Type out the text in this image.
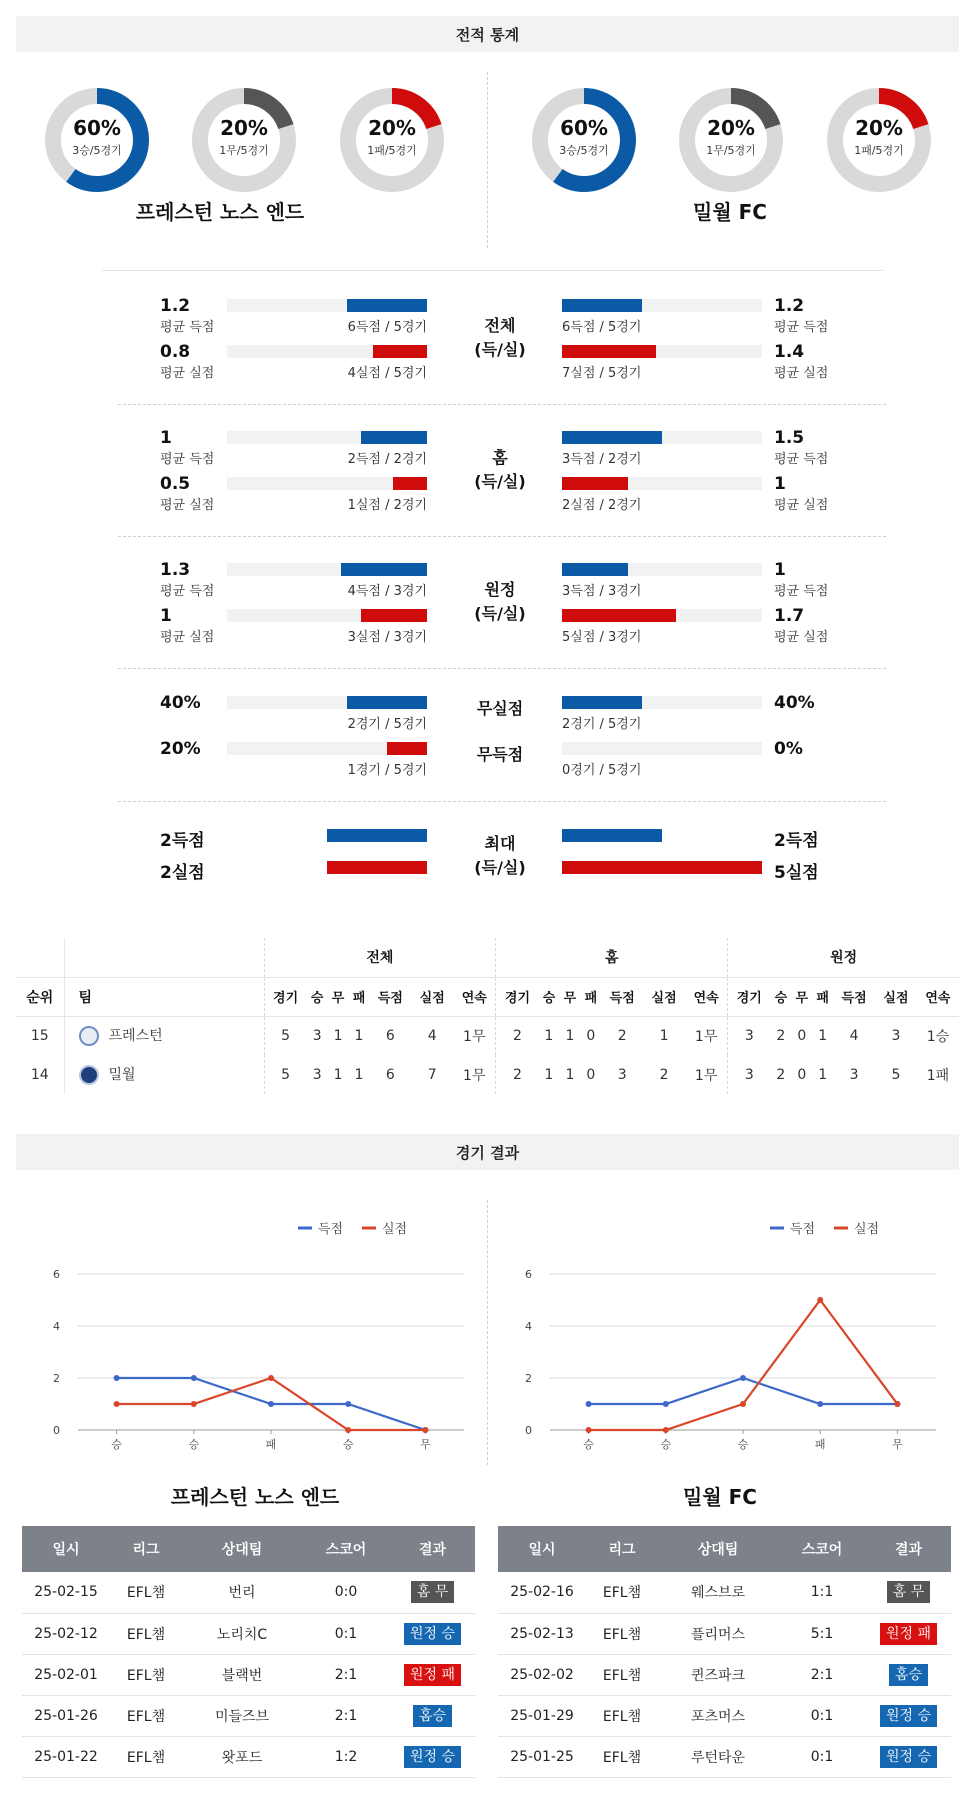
전적 통계
60%
3승/5경기
20%
1무/5경기
20%
1패/5경기
60%
3승/5경기
20%
1무/5경기
20%
1패/5경기
프레스턴 노스 엔드	밀월 FC
1.2
평균 득점	6득점 / 5경기
0.8
평균 실점	4실점 / 5경기
1.2
평균 득점
6득점 / 5경기
1.4
평균 실점
7실점 / 5경기
전체
(득/실)
1
평균 득점	2득점 / 2경기
0.5
평균 실점	1실점 / 2경기
1.5
평균 득점
3득점 / 2경기
1
평균 실점
2실점 / 2경기
홈
(득/실)
1.3
평균 득점	4득점 / 3경기
1
평균 실점	3실점 / 3경기
1
평균 득점
3득점 / 3경기
1.7
평균 실점
5실점 / 3경기
원정
(득/실)
40%
2경기 / 5경기
20%
1경기 / 5경기
40%
2경기 / 5경기
0%
0경기 / 5경기
무실점
무득점
2득점
2실점
2득점
5실점
최대
(득/실)
		전체							홈							원정						
순위	팀	경기	승	무	패	득점	실점	연속	경기	승	무	패	득점	실점	연속	경기	승	무	패	득점	실점	연속
15	프레스턴	5	3	1	1	6	4	1무	2	1	1	0	2	1	1무	3	2	0	1	4	3	1승
14	밀월	5	3	1	1	6	7	1무	2	1	1	0	3	2	1무	3	2	0	1	3	5	1패
경기 결과
0
2
4
6
승	승	패	승	무
득점	실점
0
2
4
6
승	승	승	패	무
득점	실점
프레스턴 노스 엔드	밀월 FC
일시	리그	상대팀	스코어	결과
25-02-15	EFL챔	번리	0:0	홈 무
25-02-12	EFL챔	노리치C	0:1	원정 승
25-02-01	EFL챔	블랙번	2:1	원정 패
25-01-26	EFL챔	미들즈브	2:1	홈승
25-01-22	EFL챔	왓포드	1:2	원정 승
일시	리그	상대팀	스코어	결과
25-02-16	EFL챔	웨스브로	1:1	홈 무
25-02-13	EFL챔	플리머스	5:1	원정 패
25-02-02	EFL챔	퀸즈파크	2:1	홈승
25-01-29	EFL챔	포츠머스	0:1	원정 승
25-01-25	EFL챔	루턴타운	0:1	원정 승
